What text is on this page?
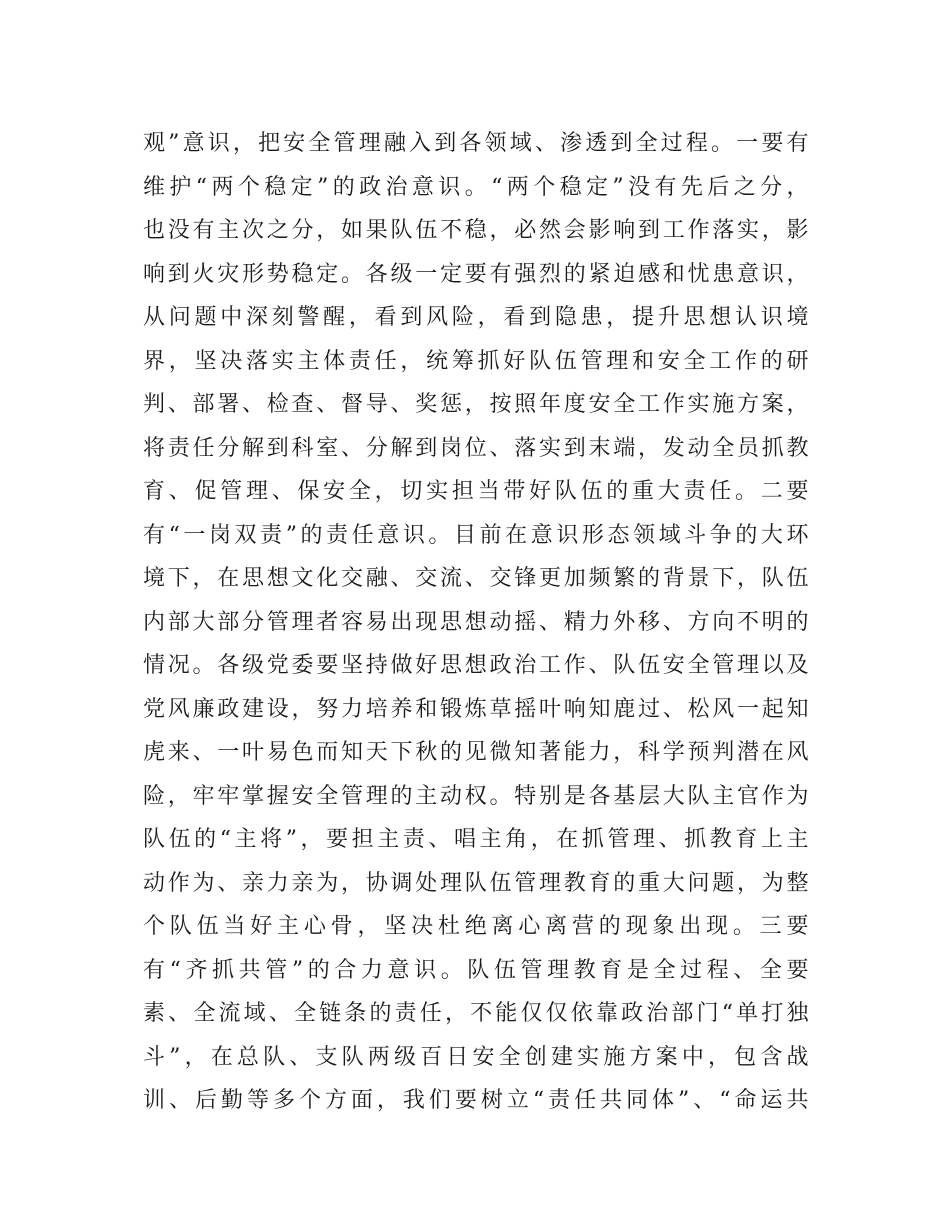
观”意识，把安全管理融入到各领域、渗透到全过程。一要有
维护“两个稳定”的政治意识。“两个稳定”没有先后之分，
也没有主次之分，如果队伍不稳，必然会影响到工作落实，影
响到火灾形势稳定。各级一定要有强烈的紧迫感和忧患意识，
从问题中深刻警醒，看到风险，看到隐患，提升思想认识境
界，坚决落实主体责任，统筹抓好队伍管理和安全工作的研
判、部署、检查、督导、奖惩，按照年度安全工作实施方案，
将责任分解到科室、分解到岗位、落实到末端，发动全员抓教
育、促管理、保安全，切实担当带好队伍的重大责任。二要
有“一岗双责”的责任意识。目前在意识形态领域斗争的大环
境下，在思想文化交融、交流、交锋更加频繁的背景下，队伍
内部大部分管理者容易出现思想动摇、精力外移、方向不明的
情况。各级党委要坚持做好思想政治工作、队伍安全管理以及
党风廉政建设，努力培养和锻炼草摇叶响知鹿过、松风一起知
虎来、一叶易色而知天下秋的见微知著能力，科学预判潜在风
险，牢牢掌握安全管理的主动权。特别是各基层大队主官作为
队伍的“主将”，要担主责、唱主角，在抓管理、抓教育上主
动作为、亲力亲为，协调处理队伍管理教育的重大问题，为整
个队伍当好主心骨，坚决杜绝离心离营的现象出现。三要
有“齐抓共管”的合力意识。队伍管理教育是全过程、全要
素、全流域、全链条的责任，不能仅仅依靠政治部门“单打独
斗”，在总队、支队两级百日安全创建实施方案中，包含战
训、后勤等多个方面，我们要树立“责任共同体”、“命运共
